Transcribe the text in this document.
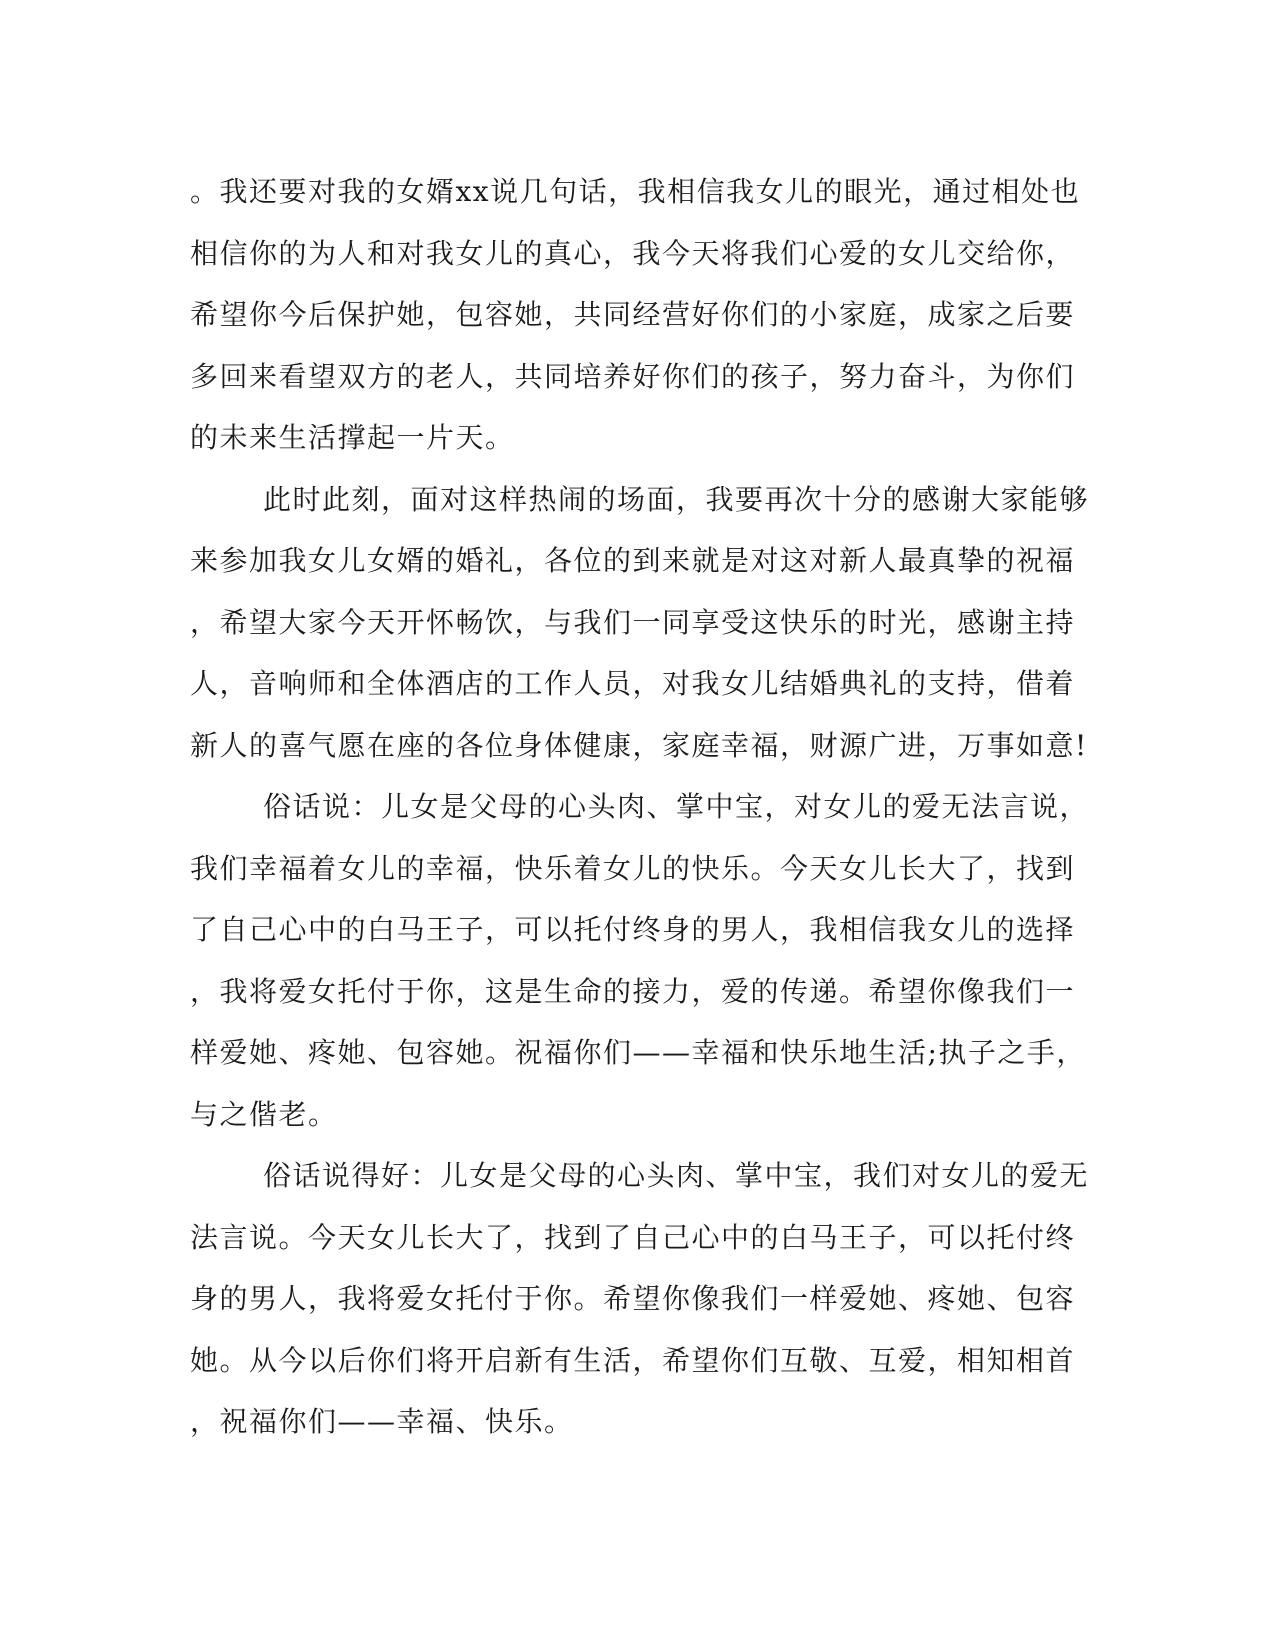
。我还要对我的女婿xx说几句话，我相信我女儿的眼光，通过相处也
相信你的为人和对我女儿的真心，我今天将我们心爱的女儿交给你，
希望你今后保护她，包容她，共同经营好你们的小家庭，成家之后要
多回来看望双方的老人，共同培养好你们的孩子，努力奋斗，为你们
的未来生活撑起一片天。
此时此刻，面对这样热闹的场面，我要再次十分的感谢大家能够
来参加我女儿女婿的婚礼，各位的到来就是对这对新人最真挚的祝福
，希望大家今天开怀畅饮，与我们一同享受这快乐的时光，感谢主持
人，音响师和全体酒店的工作人员，对我女儿结婚典礼的支持，借着
新人的喜气愿在座的各位身体健康，家庭幸福，财源广进，万事如意!
俗话说：儿女是父母的心头肉、掌中宝，对女儿的爱无法言说，
我们幸福着女儿的幸福，快乐着女儿的快乐。今天女儿长大了，找到
了自己心中的白马王子，可以托付终身的男人，我相信我女儿的选择
，我将爱女托付于你，这是生命的接力，爱的传递。希望你像我们一
样爱她、疼她、包容她。祝福你们——幸福和快乐地生活;执子之手，
与之偕老。
俗话说得好：儿女是父母的心头肉、掌中宝，我们对女儿的爱无
法言说。今天女儿长大了，找到了自己心中的白马王子，可以托付终
身的男人，我将爱女托付于你。希望你像我们一样爱她、疼她、包容
她。从今以后你们将开启新有生活，希望你们互敬、互爱，相知相首
，祝福你们——幸福、快乐。
